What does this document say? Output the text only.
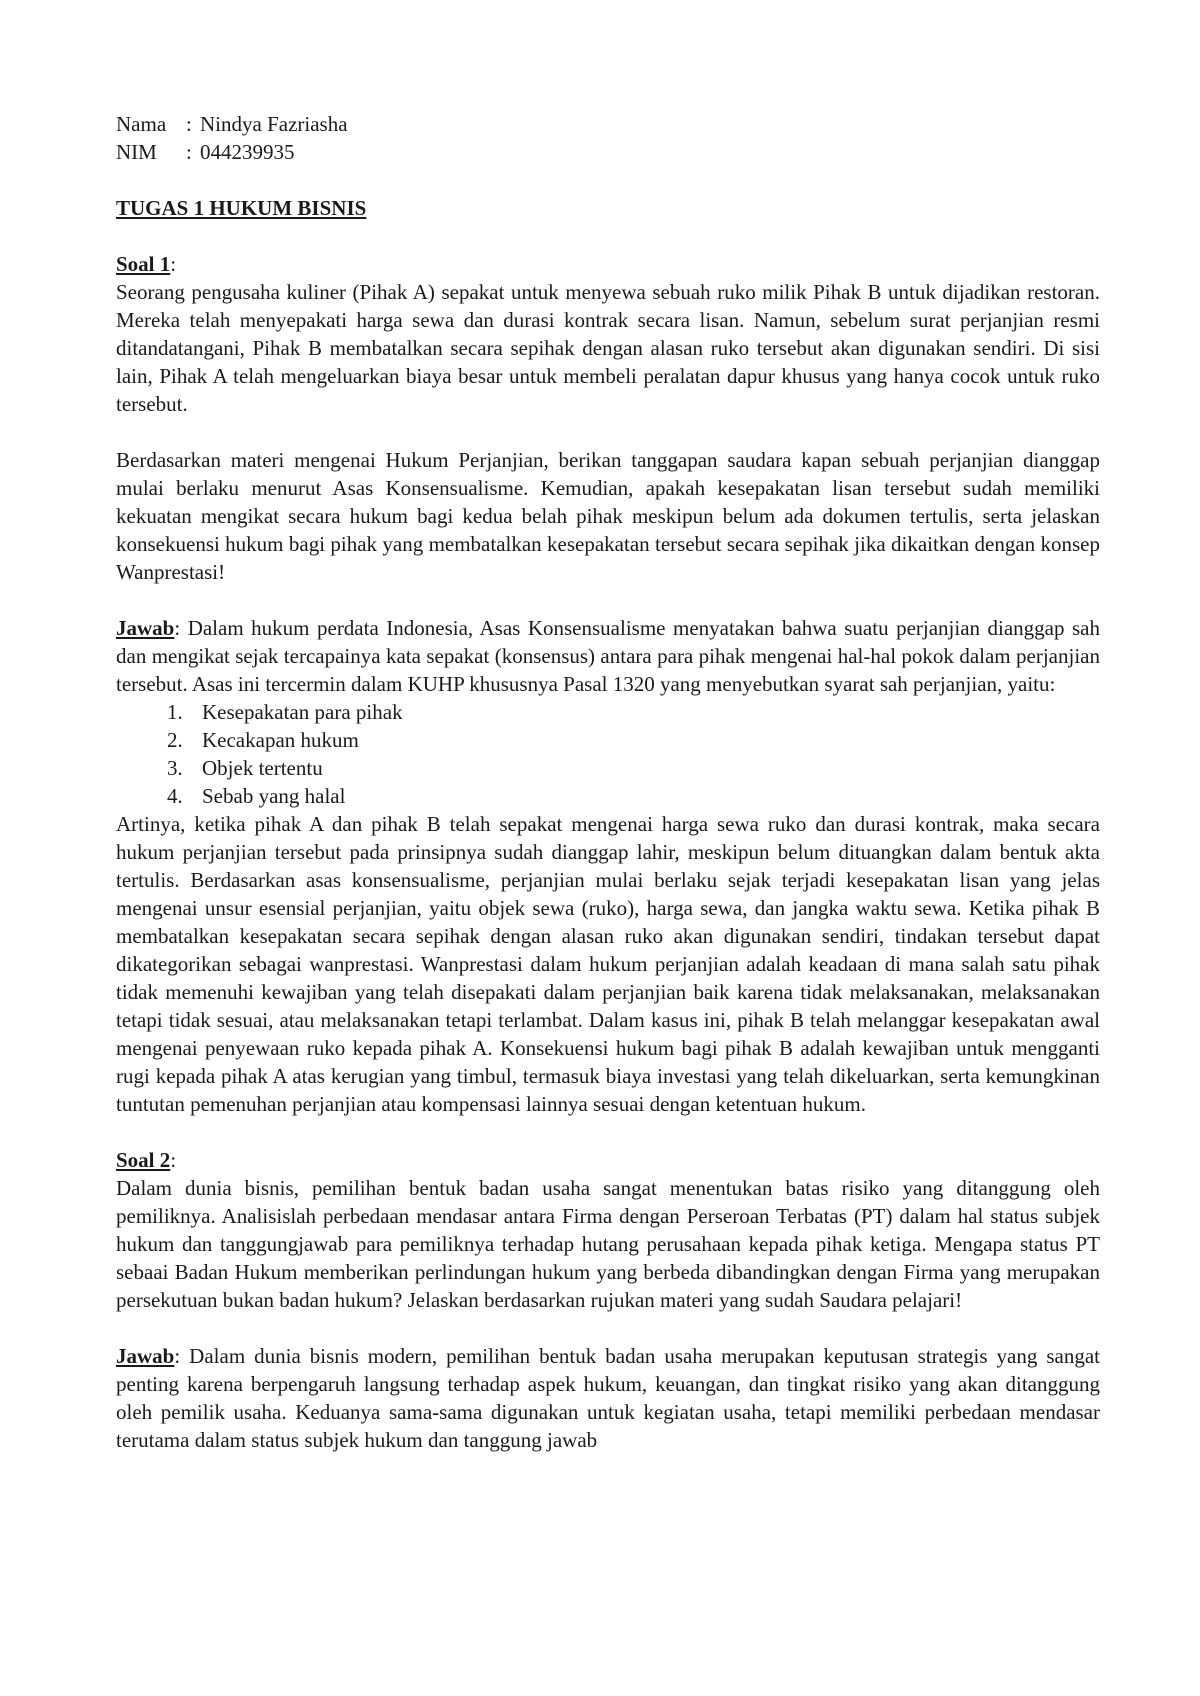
Nama : Nindya Fazriasha
NIM	: 044239935

TUGAS 1 HUKUM BISNIS

Soal 1:

Seorang pengusaha kuliner (Pihak A) sepakat untuk menyewa sebuah ruko milik Pihak B untuk dijadikan restoran. Mereka telah menyepakati harga sewa dan durasi kontrak secara lisan. Namun, sebelum surat perjanjian resmi ditandatangani, Pihak B membatalkan secara sepihak dengan alasan ruko tersebut akan digunakan sendiri. Di sisi lain, Pihak A telah mengeluarkan biaya besar untuk membeli peralatan dapur khusus yang hanya cocok untuk ruko tersebut.

Berdasarkan materi mengenai Hukum Perjanjian, berikan tanggapan saudara kapan sebuah perjanjian dianggap mulai berlaku menurut Asas Konsensualisme. Kemudian, apakah kesepakatan lisan tersebut sudah memiliki kekuatan mengikat secara hukum bagi kedua belah pihak meskipun belum ada dokumen tertulis, serta jelaskan konsekuensi hukum bagi pihak yang membatalkan kesepakatan tersebut secara sepihak jika dikaitkan dengan konsep Wanprestasi!

Jawab: Dalam hukum perdata Indonesia, Asas Konsensualisme menyatakan bahwa suatu perjanjian dianggap sah dan mengikat sejak tercapainya kata sepakat (konsensus) antara para pihak mengenai hal-hal pokok dalam perjanjian tersebut. Asas ini tercermin dalam KUHP khususnya Pasal 1320 yang menyebutkan syarat sah perjanjian, yaitu:

1. Kesepakatan para pihak
2. Kecakapan hukum
3. Objek tertentu
4. Sebab yang halal

Artinya, ketika pihak A dan pihak B telah sepakat mengenai harga sewa ruko dan durasi kontrak, maka secara hukum perjanjian tersebut pada prinsipnya sudah dianggap lahir, meskipun belum dituangkan dalam bentuk akta tertulis. Berdasarkan asas konsensualisme, perjanjian mulai berlaku sejak terjadi kesepakatan lisan yang jelas mengenai unsur esensial perjanjian, yaitu objek sewa (ruko), harga sewa, dan jangka waktu sewa. Ketika pihak B membatalkan kesepakatan secara sepihak dengan alasan ruko akan digunakan sendiri, tindakan tersebut dapat dikategorikan sebagai wanprestasi. Wanprestasi dalam hukum perjanjian adalah keadaan di mana salah satu pihak tidak memenuhi kewajiban yang telah disepakati dalam perjanjian baik karena tidak melaksanakan, melaksanakan tetapi tidak sesuai, atau melaksanakan tetapi terlambat. Dalam kasus ini, pihak B telah melanggar kesepakatan awal mengenai penyewaan ruko kepada pihak A. Konsekuensi hukum bagi pihak B adalah kewajiban untuk mengganti rugi kepada pihak A atas kerugian yang timbul, termasuk biaya investasi yang telah dikeluarkan, serta kemungkinan tuntutan pemenuhan perjanjian atau kompensasi lainnya sesuai dengan ketentuan hukum.

Soal 2:

Dalam dunia bisnis, pemilihan bentuk badan usaha sangat menentukan batas risiko yang ditanggung oleh pemiliknya. Analisislah perbedaan mendasar antara Firma dengan Perseroan Terbatas (PT) dalam hal status subjek hukum dan tanggungjawab para pemiliknya terhadap hutang perusahaan kepada pihak ketiga. Mengapa status PT sebaai Badan Hukum memberikan perlindungan hukum yang berbeda dibandingkan dengan Firma yang merupakan persekutuan bukan badan hukum? Jelaskan berdasarkan rujukan materi yang sudah Saudara pelajari!

Jawab: Dalam dunia bisnis modern, pemilihan bentuk badan usaha merupakan keputusan strategis yang sangat penting karena berpengaruh langsung terhadap aspek hukum, keuangan, dan tingkat risiko yang akan ditanggung oleh pemilik usaha. Keduanya sama-sama digunakan untuk kegiatan usaha, tetapi memiliki perbedaan mendasar terutama dalam status subjek hukum dan tanggung jawab
